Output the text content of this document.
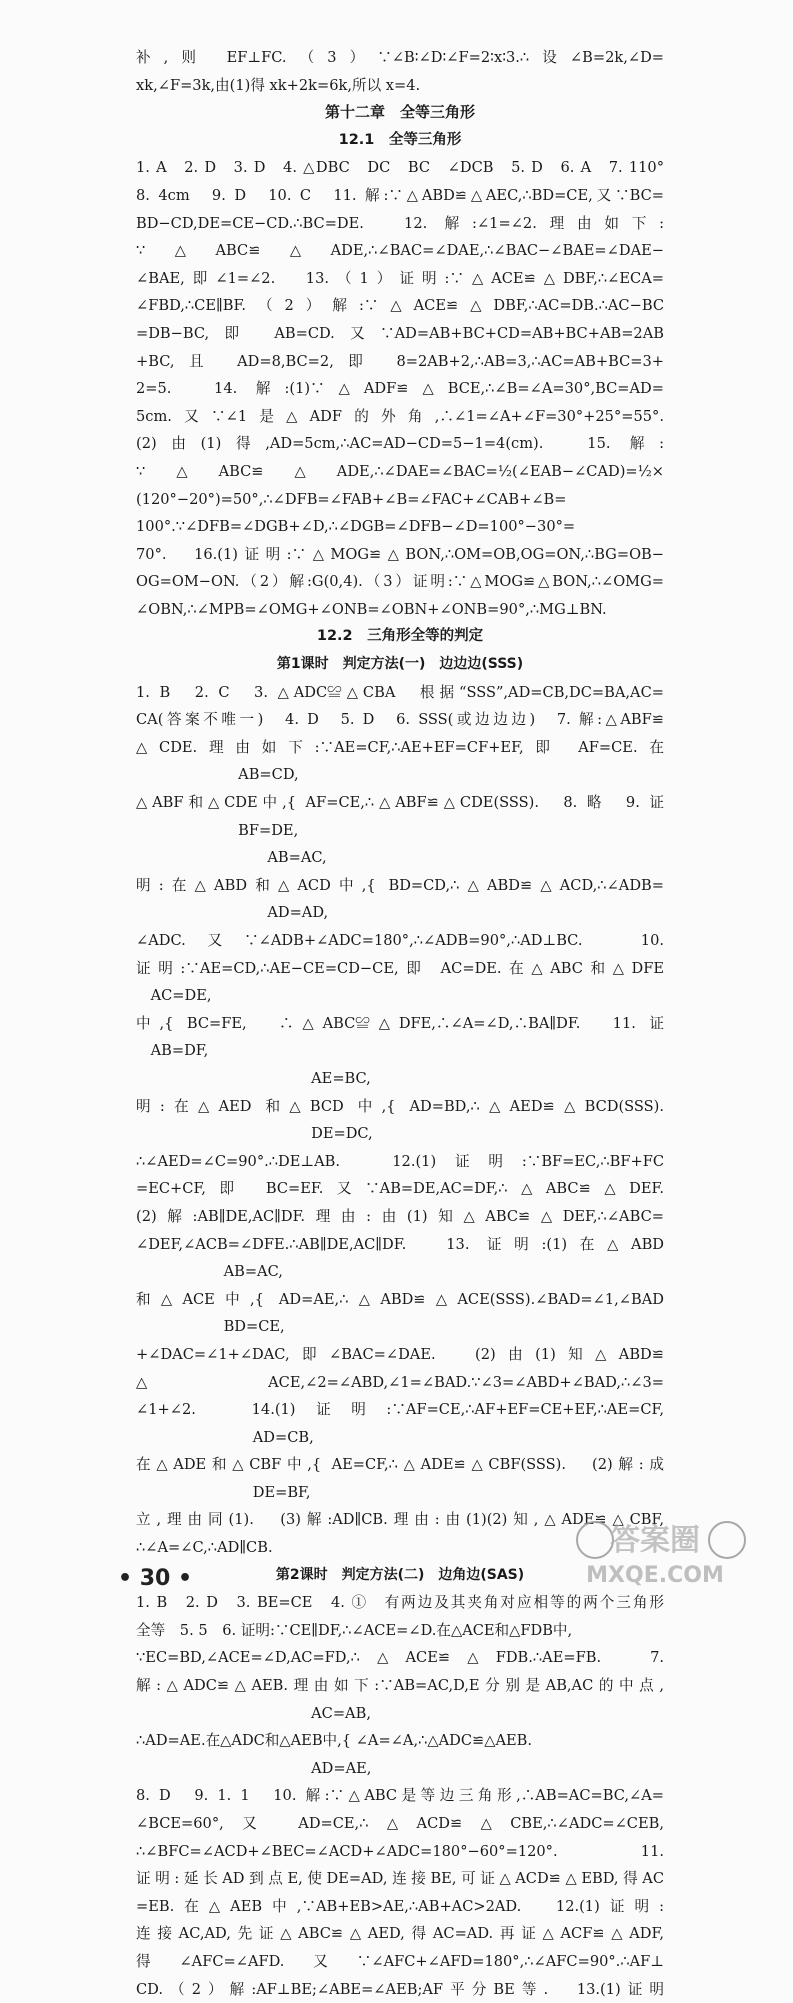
补,则 EF⊥FC.（3）∵∠B∶∠D∶∠F=2∶x∶3.∴设∠B=2k,∠D=
xk,∠F=3k,由(1)得 xk+2k=6k,所以 x=4.
第十二章　全等三角形
12.1　全等三角形
1. A　2. D　3. D　4. △DBC　DC　BC　∠DCB　5. D　6. A　7. 110°
8. 4cm　9. D　10. C　11. 解:∵△ABD≌△AEC,∴BD=CE,又∵BC=
BD−CD,DE=CE−CD.∴BC=DE.　12. 解:∠1=∠2.理由如下:
∵△ABC≌△ADE,∴∠BAC=∠DAE,∴∠BAC−∠BAE=∠DAE−
∠BAE,即∠1=∠2.　13.（1）证明:∵△ACE≌△DBF,∴∠ECA=
∠FBD,∴CE∥BF.（2）解:∵△ACE≌△DBF,∴AC=DB.∴AC−BC
=DB−BC,即 AB=CD.又∵AD=AB+BC+CD=AB+BC+AB=2AB
+BC,且 AD=8,BC=2,即 8=2AB+2,∴AB=3,∴AC=AB+BC=3+
2=5.　14. 解:(1)∵△ADF≌△BCE,∴∠B=∠A=30°,BC=AD=
5cm.又∵∠1是△ADF的外角,∴∠1=∠A+∠F=30°+25°=55°.
(2)由(1)得,AD=5cm,∴AC=AD−CD=5−1=4(cm).　15. 解:
∵△ABC≌△ADE,∴∠DAE=∠BAC=½(∠EAB−∠CAD)=½×
(120°−20°)=50°,∴∠DFB=∠FAB+∠B=∠FAC+∠CAB+∠B=
100°.∵∠DFB=∠DGB+∠D,∴∠DGB=∠DFB−∠D=100°−30°=
70°.　16.(1)证明:∵△MOG≌△BON,∴OM=OB,OG=ON,∴BG=OB−
OG=OM−ON.（2）解:G(0,4).（3）证明:∵△MOG≌△BON,∴∠OMG=
∠OBN,∴∠MPB=∠OMG+∠ONB=∠OBN+∠ONB=90°,∴MG⊥BN.
12.2　三角形全等的判定
第1课时　判定方法(一)　边边边(SSS)
1. B　2. C　3. △ADC≌△CBA　根据“SSS”,AD=CB,DC=BA,AC=
CA(答案不唯一)　4. D　5. D　6. SSS(或边边边)　7. 解:△ABF≌
△CDE.理由如下:∵AE=CF,∴AE+EF=CF+EF,即 AF=CE.在
　　　　　　　AB=CD,
△ABF和△CDE中,{ AF=CE,∴△ABF≌△CDE(SSS).　8. 略　9. 证
　　　　　　　BF=DE,
　　　　　　　　　AB=AC,
明:在△ABD和△ACD中,{ BD=CD,∴△ABD≌△ACD,∴∠ADB=
　　　　　　　　　AD=AD,
∠ADC.又∵∠ADB+∠ADC=180°,∴∠ADB=90°,∴AD⊥BC.　10.
证明:∵AE=CD,∴AE−CE=CD−CE,即 AC=DE.在△ABC和△DFE
　AC=DE,
中,{ BC=FE,　∴△ABC≌△DFE,∴∠A=∠D,∴BA∥DF.　11. 证
　AB=DF,
　　　　　　　　　　　　AE=BC,
明:在△AED 和△BCD 中,{ AD=BD,∴△AED≌△BCD(SSS).
　　　　　　　　　　　　DE=DC,
∴∠AED=∠C=90°.∴DE⊥AB.　12.(1)证明:∵BF=EC,∴BF+FC
=EC+CF,即 BC=EF.又∵AB=DE,AC=DF,∴△ABC≌△DEF.
(2)解:AB∥DE,AC∥DF.理由:由(1)知△ABC≌△DEF,∴∠ABC=
∠DEF,∠ACB=∠DFE.∴AB∥DE,AC∥DF.　13. 证明:(1)在△ABD
　　　　　　AB=AC,
和△ACE中,{ AD=AE,∴△ABD≌△ACE(SSS).∠BAD=∠1,∠BAD
　　　　　　BD=CE,
+∠DAC=∠1+∠DAC,即∠BAC=∠DAE.　(2)由(1)知△ABD≌
△ACE,∠2=∠ABD,∠1=∠BAD.∵∠3=∠ABD+∠BAD,∴∠3=
∠1+∠2.　14.(1)证明:∵AF=CE,∴AF+EF=CE+EF,∴AE=CF,
　　　　　　　　AD=CB,
在△ADE和△CBF中,{ AE=CF,∴△ADE≌△CBF(SSS).　(2)解:成
　　　　　　　　DE=BF,
立,理由同(1).　(3)解:AD∥CB.理由:由(1)(2)知,△ADE≌△CBF,
∴∠A=∠C,∴AD∥CB.
第2课时　判定方法(二)　边角边(SAS)
1. B　2. D　3. BE=CE　4. ①　有两边及其夹角对应相等的两个三角形
全等　5. 5　6. 证明:∵CE∥DF,∴∠ACE=∠D.在△ACE和△FDB中,
∵EC=BD,∠ACE=∠D,AC=FD,∴△ACE≌△FDB.∴AE=FB.　7.
解:△ADC≌△AEB.理由如下:∵AB=AC,D,E分别是AB,AC的中点,
　　　　　　　　　　　　AC=AB,
∴AD=AE.在△ADC和△AEB中,{ ∠A=∠A,∴△ADC≌△AEB.
　　　　　　　　　　　　AD=AE,
8. D　9. 1. 1　10. 解:∵△ABC是等边三角形,∴AB=AC=BC,∠A=
∠BCE=60°,又 AD=CE,∴△ACD≌△CBE,∴∠ADC=∠CEB,
∴∠BFC=∠ACD+∠BEC=∠ACD+∠ADC=180°−60°=120°.　11.
证明:延长AD到点E,使DE=AD,连接BE,可证△ACD≌△EBD,得AC
=EB.在△AEB中,∵AB+EB>AE,∴AB+AC>2AD.　12.(1)证明:
连接AC,AD,先证△ABC≌△AED,得AC=AD.再证△ACF≌△ADF,
得∠AFC=∠AFD.又∵∠AFC+∠AFD=180°,∴∠AFC=90°.∴AF⊥
CD.（2）解:AF⊥BE;∠ABE=∠AEB;AF平分BE等.　13.(1)证明
• 30 •
答案圈
MXQE.COM
